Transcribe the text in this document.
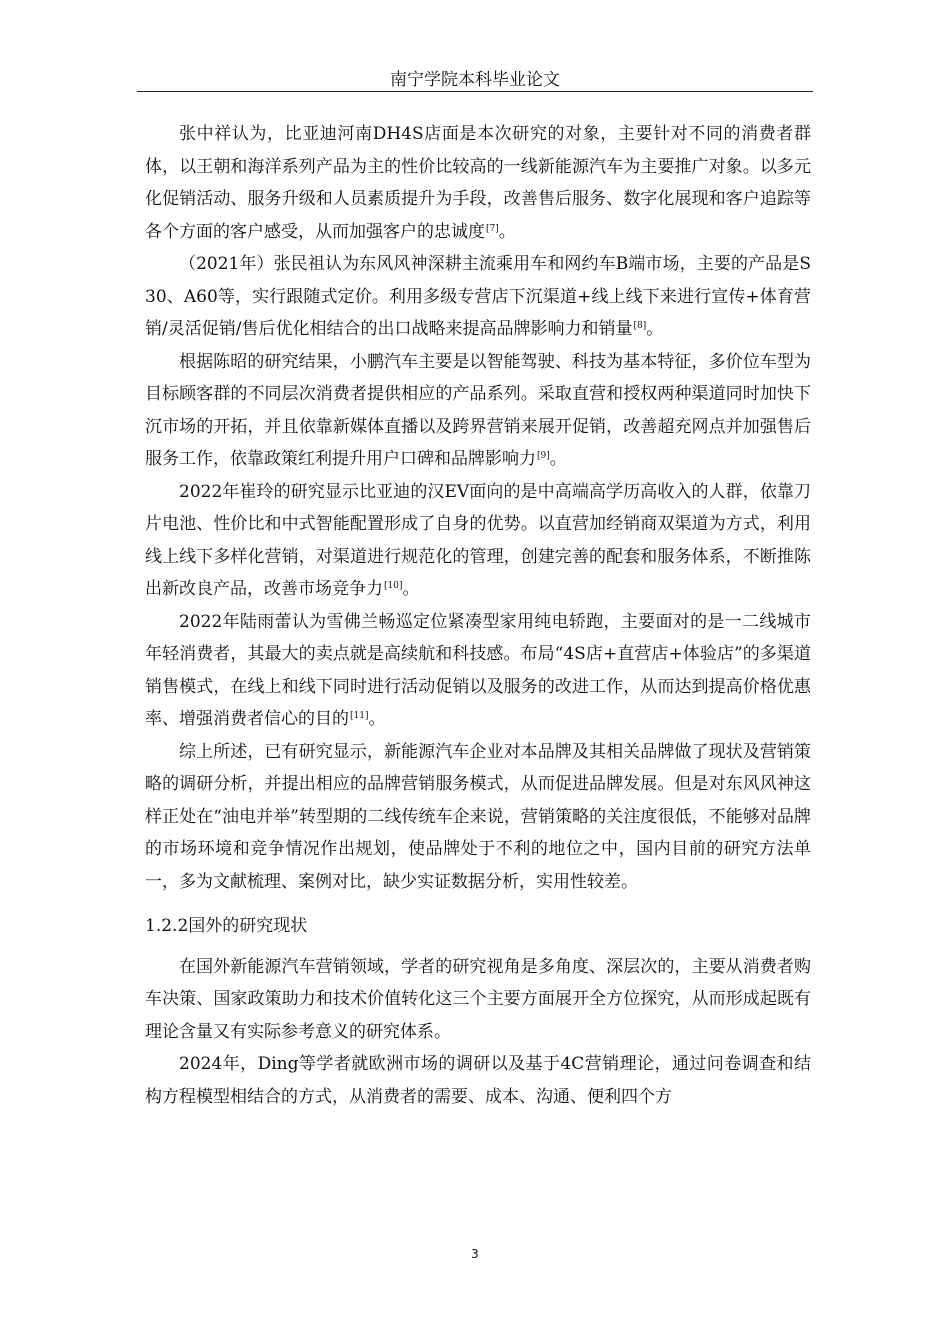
南宁学院本科毕业论文

张中祥认为，比亚迪河南DH4S店面是本次研究的对象，主要针对不同的消费者群体，以王朝和海洋系列产品为主的性价比较高的一线新能源汽车为主要推广对象。以多元化促销活动、服务升级和人员素质提升为手段，改善售后服务、数字化展现和客户追踪等各个方面的客户感受，从而加强客户的忠诚度[7]。

（2021年）张民祖认为东风风神深耕主流乘用车和网约车B端市场，主要的产品是S30、A60等，实行跟随式定价。利用多级专营店下沉渠道+线上线下来进行宣传+体育营销/灵活促销/售后优化相结合的出口战略来提高品牌影响力和销量[8]。

根据陈昭的研究结果，小鹏汽车主要是以智能驾驶、科技为基本特征，多价位车型为目标顾客群的不同层次消费者提供相应的产品系列。采取直营和授权两种渠道同时加快下沉市场的开拓，并且依靠新媒体直播以及跨界营销来展开促销，改善超充网点并加强售后服务工作，依靠政策红利提升用户口碑和品牌影响力[9]。

2022年崔玲的研究显示比亚迪的汉EV面向的是中高端高学历高收入的人群，依靠刀片电池、性价比和中式智能配置形成了自身的优势。以直营加经销商双渠道为方式，利用线上线下多样化营销，对渠道进行规范化的管理，创建完善的配套和服务体系，不断推陈出新改良产品，改善市场竞争力[10]。

2022年陆雨蕾认为雪佛兰畅巡定位紧凑型家用纯电轿跑，主要面对的是一二线城市年轻消费者，其最大的卖点就是高续航和科技感。布局“4S店+直营店+体验店”的多渠道销售模式，在线上和线下同时进行活动促销以及服务的改进工作，从而达到提高价格优惠率、增强消费者信心的目的[11]。

综上所述，已有研究显示，新能源汽车企业对本品牌及其相关品牌做了现状及营销策略的调研分析，并提出相应的品牌营销服务模式，从而促进品牌发展。但是对东风风神这样正处在“油电并举”转型期的二线传统车企来说，营销策略的关注度很低，不能够对品牌的市场环境和竞争情况作出规划，使品牌处于不利的地位之中，国内目前的研究方法单一，多为文献梳理、案例对比，缺少实证数据分析，实用性较差。

1.2.2国外的研究现状

在国外新能源汽车营销领域，学者的研究视角是多角度、深层次的，主要从消费者购车决策、国家政策助力和技术价值转化这三个主要方面展开全方位探究，从而形成起既有理论含量又有实际参考意义的研究体系。

2024年，Ding等学者就欧洲市场的调研以及基于4C营销理论，通过问卷调查和结构方程模型相结合的方式，从消费者的需要、成本、沟通、便利四个方

3
